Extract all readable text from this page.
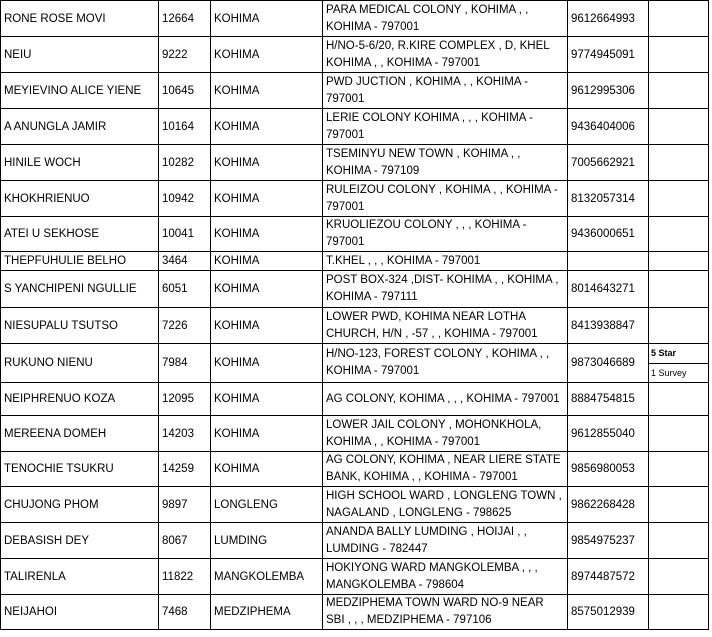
RONE ROSE MOVI	12664	KOHIMA	PARA MEDICAL COLONY , KOHIMA , , KOHIMA - 797001	9612664993	
NEIU	9222	KOHIMA	H/NO-5-6/20, R.KIRE COMPLEX , D, KHEL KOHIMA , , KOHIMA - 797001	9774945091	
MEYIEVINO ALICE YIENE	10645	KOHIMA	PWD JUCTION , KOHIMA , , KOHIMA - 797001	9612995306	
A ANUNGLA JAMIR	10164	KOHIMA	LERIE COLONY KOHIMA , , , KOHIMA - 797001	9436404006	
HINILE WOCH	10282	KOHIMA	TSEMINYU NEW TOWN , KOHIMA , , KOHIMA - 797109	7005662921	
KHOKHRIENUO	10942	KOHIMA	RULEIZOU COLONY , KOHIMA , , KOHIMA - 797001	8132057314	
ATEI U SEKHOSE	10041	KOHIMA	KRUOLIEZOU COLONY , , , KOHIMA - 797001	9436000651	
THEPFUHULIE BELHO	3464	KOHIMA	T.KHEL , , , KOHIMA - 797001		
S YANCHIPENI NGULLIE	6051	KOHIMA	POST BOX-324 ,DIST- KOHIMA , , KOHIMA , KOHIMA - 797111	8014643271	
NIESUPALU TSUTSO	7226	KOHIMA	LOWER PWD, KOHIMA NEAR LOTHA CHURCH, H/N , -57 , , KOHIMA - 797001	8413938847	
RUKUNO NIENU	7984	KOHIMA	H/NO-123, FOREST COLONY , KOHIMA , , KOHIMA - 797001	9873046689	5 Star
1 Survey

NEIPHRENUO KOZA	12095	KOHIMA	AG COLONY, KOHIMA , , , KOHIMA - 797001	8884754815	
MEREENA DOMEH	14203	KOHIMA	LOWER JAIL COLONY , MOHONKHOLA, KOHIMA , , KOHIMA - 797001	9612855040	
TENOCHIE TSUKRU	14259	KOHIMA	AG COLONY, KOHIMA , NEAR LIERE STATE BANK, KOHIMA , , KOHIMA - 797001	9856980053	
CHUJONG PHOM	9897	LONGLENG	HIGH SCHOOL WARD , LONGLENG TOWN , NAGALAND , LONGLENG - 798625	9862268428	
DEBASISH DEY	8067	LUMDING	ANANDA BALLY LUMDING , HOIJAI , , LUMDING - 782447	9854975237	
TALIRENLA	11822	MANGKOLEMBA	HOKIYONG WARD MANGKOLEMBA , , , MANGKOLEMBA - 798604	8974487572	
NEIJAHOI	7468	MEDZIPHEMA	MEDZIPHEMA TOWN WARD NO-9 NEAR SBI , , , MEDZIPHEMA - 797106	8575012939	
